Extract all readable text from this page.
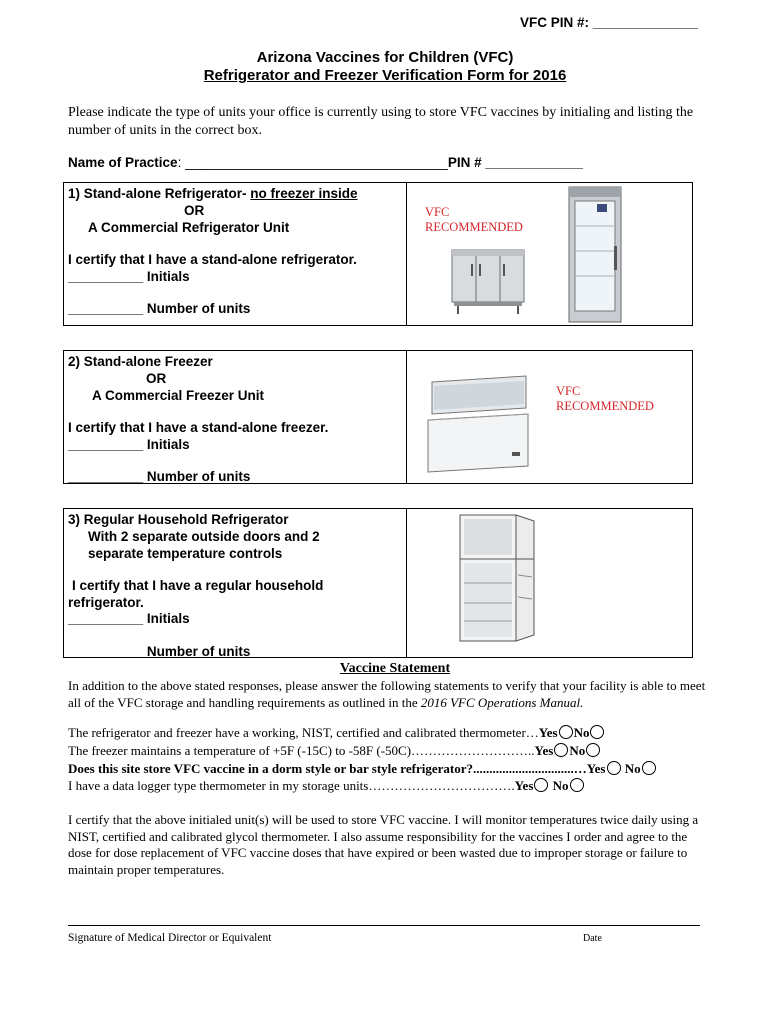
VFC PIN #: ______________
Arizona Vaccines for Children (VFC)
Refrigerator and Freezer Verification Form for 2016
Please indicate the type of units your office is currently using to store VFC vaccines by initialing and listing the number of units in the correct box.
Name of Practice: ___________________________________PIN # _____________
1) Stand-alone Refrigerator- no freezer inside
OR
A Commercial Refrigerator Unit
I certify that I have a stand-alone refrigerator.
__________ Initials
__________ Number of units
VFC
RECOMMENDED
2) Stand-alone Freezer
OR
A Commercial Freezer Unit
I certify that I have a stand-alone freezer.
__________ Initials
__________ Number of units
VFC
RECOMMENDED
3) Regular Household Refrigerator
With 2 separate outside doors and 2
separate temperature controls
I certify that I have a regular household
refrigerator.
__________ Initials
__________ Number of units
Vaccine Statement
In addition to the above stated responses, please answer the following statements to verify that your facility is able to meet all of the VFC storage and handling requirements as outlined in the 2016 VFC Operations Manual.
The refrigerator and freezer have a working, NIST, certified and calibrated thermometer…Yes No
The freezer maintains a temperature of +5F (-15C) to -58F (-50C)………………………..Yes No
Does this site store VFC vaccine in a dorm style or bar style refrigerator?...............................…Yes No
I have a data logger type thermometer in my storage units…………………………….Yes No
I certify that the above initialed unit(s) will be used to store VFC vaccine. I will monitor temperatures twice daily using a NIST, certified and calibrated glycol thermometer. I also assume responsibility for the vaccines I order and agree to the dose for dose replacement of VFC vaccine doses that have expired or been wasted due to improper storage or failure to maintain proper temperatures.
Signature of Medical Director or Equivalent	Date
